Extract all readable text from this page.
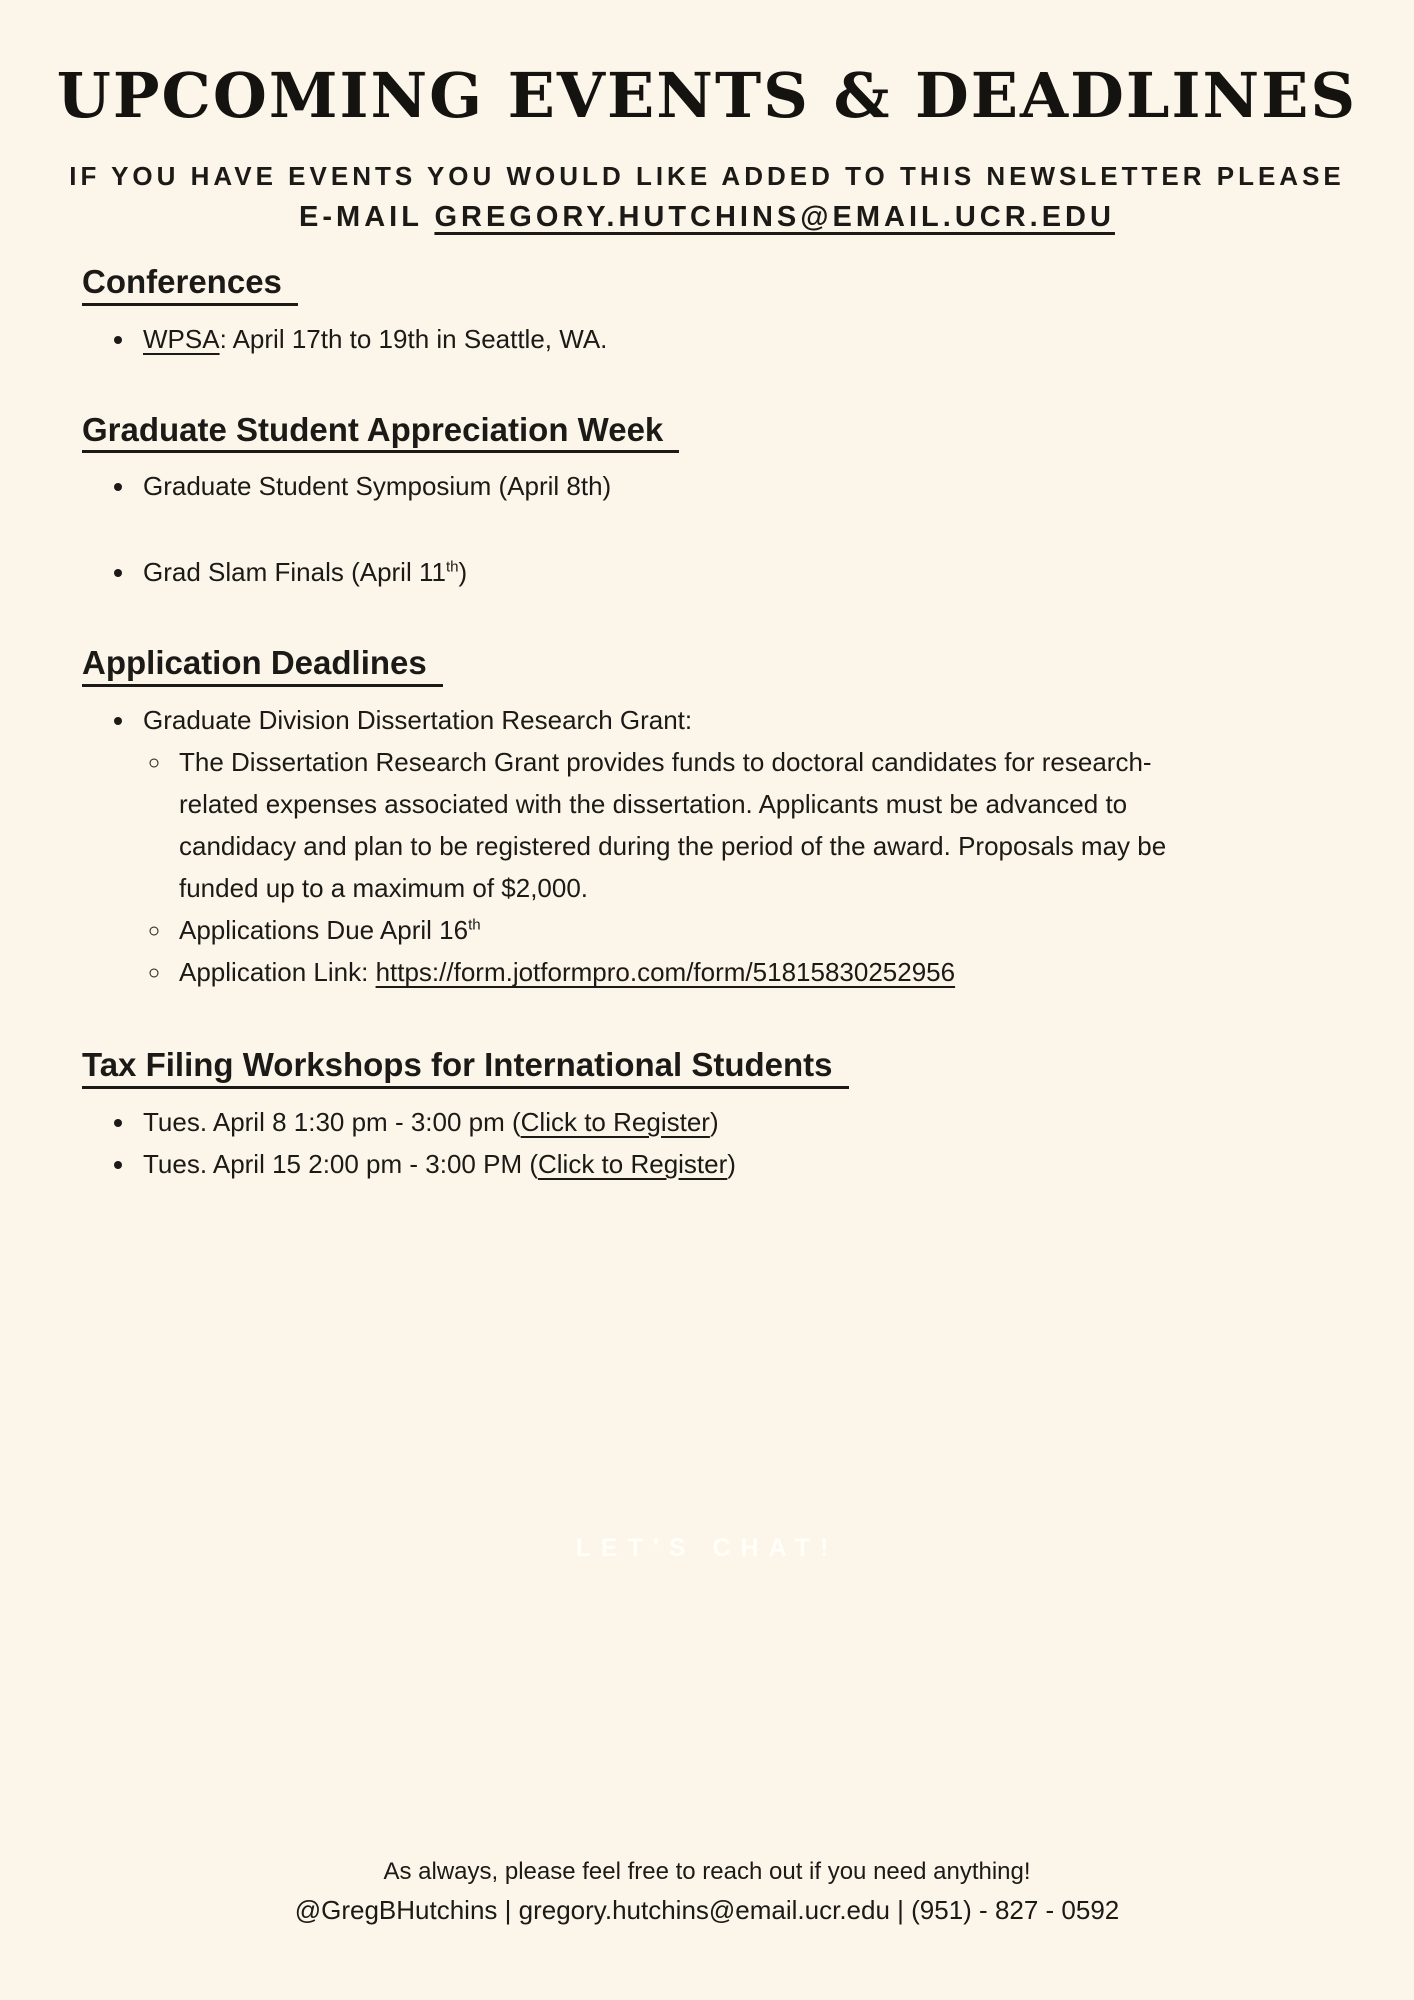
UPCOMING EVENTS & DEADLINES
IF YOU HAVE EVENTS YOU WOULD LIKE ADDED TO THIS NEWSLETTER PLEASE
E-MAIL GREGORY.HUTCHINS@EMAIL.UCR.EDU
Conferences
• WPSA: April 17th to 19th in Seattle, WA.
Graduate Student Appreciation Week
• Graduate Student Symposium (April 8th)
• Grad Slam Finals (April 11th)
Application Deadlines
• Graduate Division Dissertation Research Grant:
◦ The Dissertation Research Grant provides funds to doctoral candidates for research-related expenses associated with the dissertation. Applicants must be advanced to candidacy and plan to be registered during the period of the award. Proposals may be funded up to a maximum of $2,000.
◦ Applications Due April 16th
◦ Application Link: https://form.jotformpro.com/form/51815830252956
Tax Filing Workshops for International Students
• Tues. April 8 1:30 pm - 3:00 pm (Click to Register)
• Tues. April 15 2:00 pm - 3:00 PM (Click to Register)
LET'S CHAT!
As always, please feel free to reach out if you need anything!
@GregBHutchins | gregory.hutchins@email.ucr.edu | (951) - 827 - 0592
